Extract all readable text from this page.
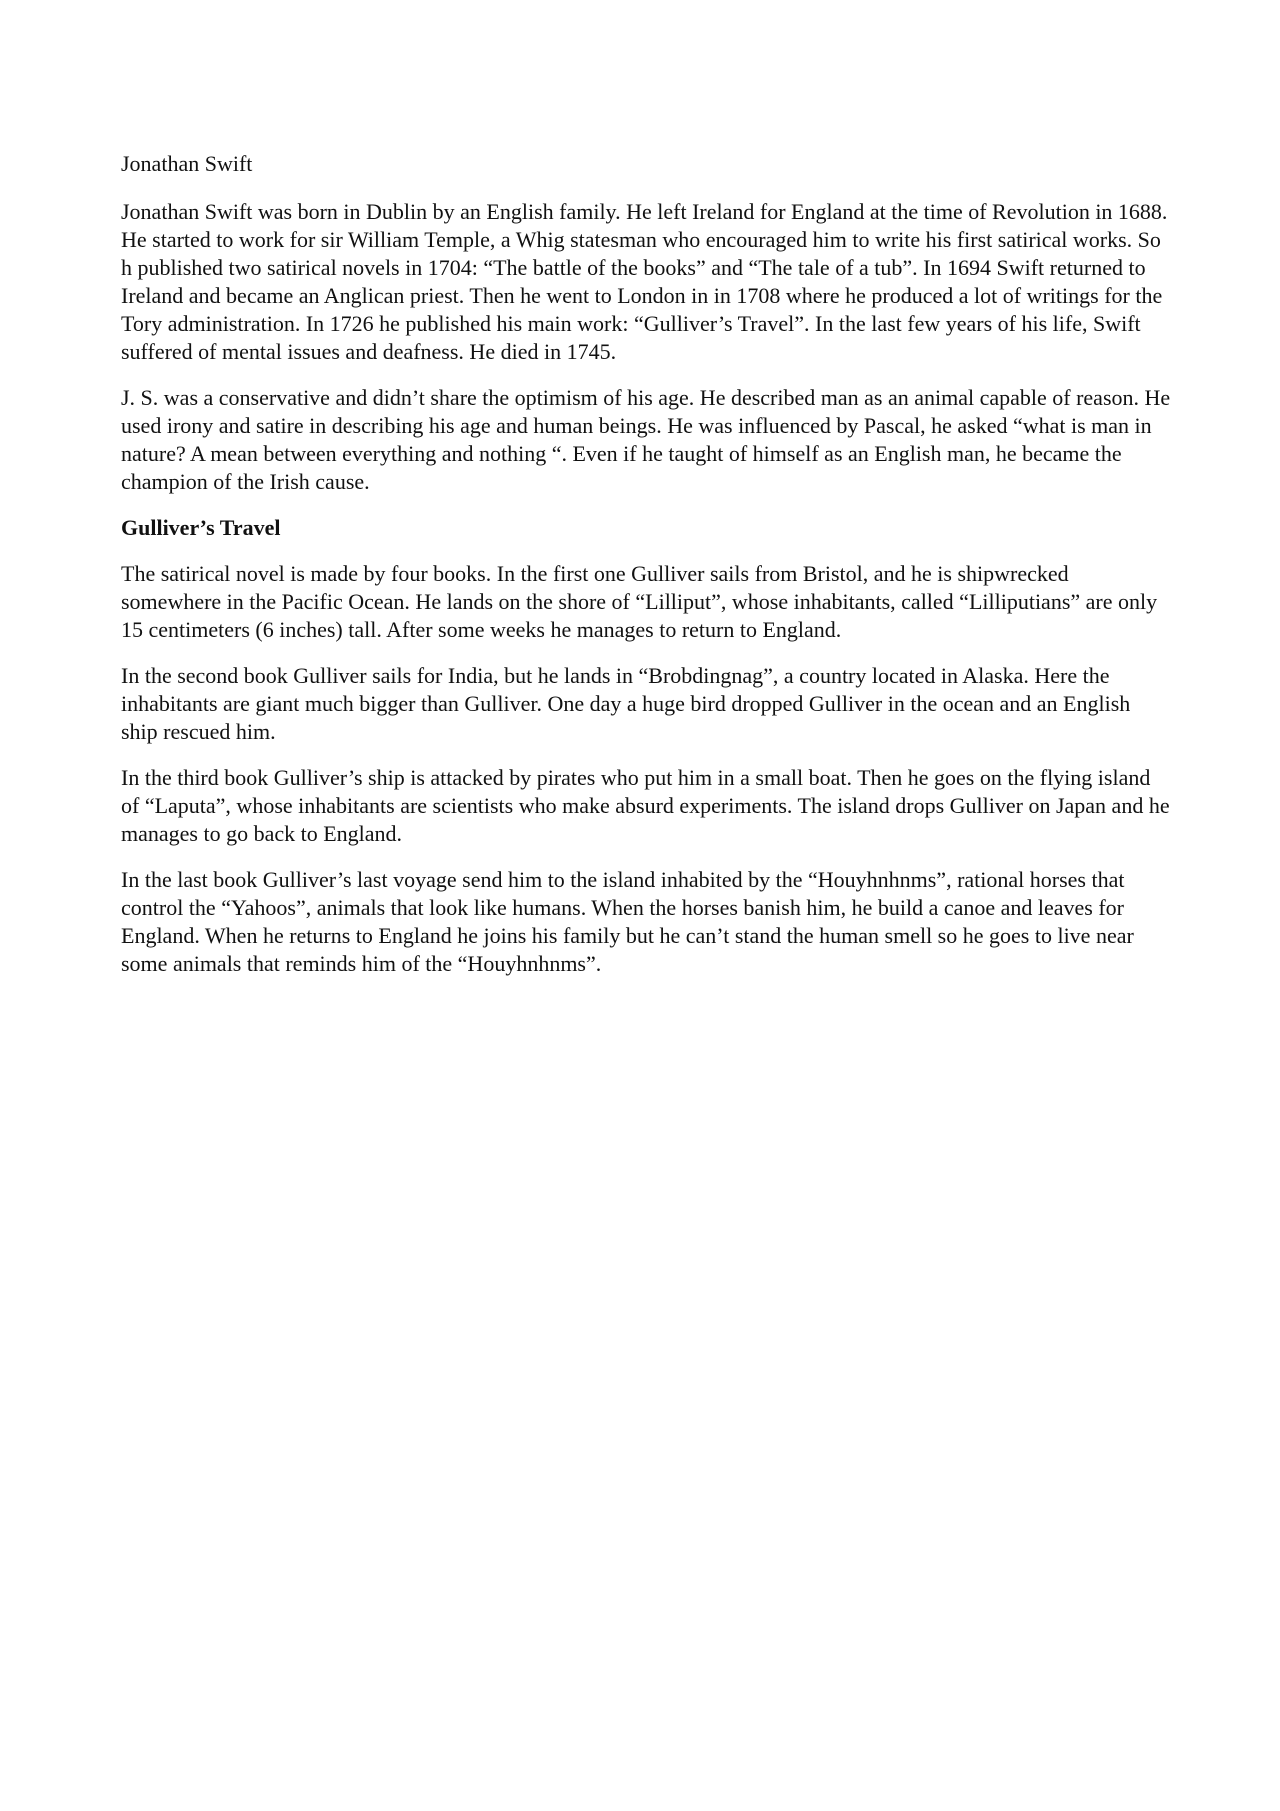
Jonathan Swift

Jonathan Swift was born in Dublin by an English family. He left Ireland for England at the time of Revolution in 1688. He started to work for sir William Temple, a Whig statesman who encouraged him to write his first satirical works. So h published two satirical novels in 1704: “The battle of the books” and “The tale of a tub”. In 1694 Swift returned to Ireland and became an Anglican priest. Then he went to London in in 1708 where he produced a lot of writings for the Tory administration. In 1726 he published his main work: “Gulliver’s Travel”. In the last few years of his life, Swift suffered of mental issues and deafness. He died in 1745.

J. S. was a conservative and didn’t share the optimism of his age. He described man as an animal capable of reason. He used irony and satire in describing his age and human beings. He was influenced by Pascal, he asked “what is man in nature? A mean between everything and nothing “. Even if he taught of himself as an English man, he became the champion of the Irish cause.

Gulliver’s Travel

The satirical novel is made by four books. In the first one Gulliver sails from Bristol, and he is shipwrecked somewhere in the Pacific Ocean. He lands on the shore of “Lilliput”, whose inhabitants, called “Lilliputians” are only 15 centimeters (6 inches) tall. After some weeks he manages to return to England.

In the second book Gulliver sails for India, but he lands in “Brobdingnag”, a country located in Alaska. Here the inhabitants are giant much bigger than Gulliver. One day a huge bird dropped Gulliver in the ocean and an English ship rescued him.

In the third book Gulliver’s ship is attacked by pirates who put him in a small boat. Then he goes on the flying island of “Laputa”, whose inhabitants are scientists who make absurd experiments. The island drops Gulliver on Japan and he manages to go back to England.

In the last book Gulliver’s last voyage send him to the island inhabited by the “Houyhnhnms”, rational horses that control the “Yahoos”, animals that look like humans. When the horses banish him, he build a canoe and leaves for England. When he returns to England he joins his family but he can’t stand the human smell so he goes to live near some animals that reminds him of the “Houyhnhnms”.
